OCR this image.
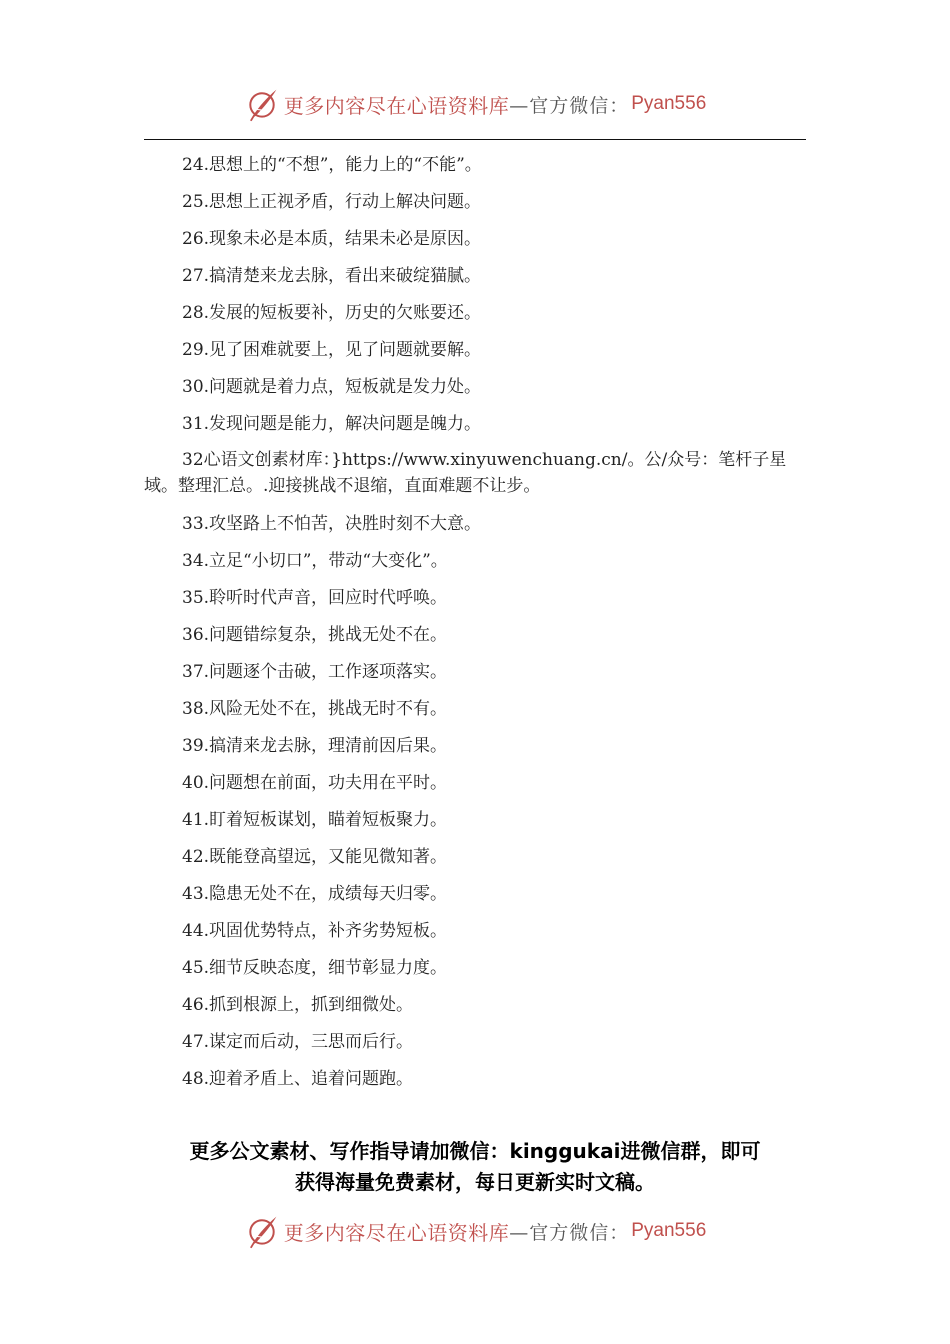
更多内容尽在心语资料库 —官方微信： Pyan556
24.思想上的“不想”，能力上的“不能”。
25.思想上正视矛盾，行动上解决问题。
26.现象未必是本质，结果未必是原因。
27.搞清楚来龙去脉，看出来破绽猫腻。
28.发展的短板要补，历史的欠账要还。
29.见了困难就要上，见了问题就要解。
30.问题就是着力点，短板就是发力处。
31.发现问题是能力，解决问题是魄力。
32心语文创素材库：}https://www.xinyuwenchuang.cn/。公/众号：笔杆子星域。整理汇总。.迎接挑战不退缩，直面难题不让步。
33.攻坚路上不怕苦，决胜时刻不大意。
34.立足“小切口”，带动“大变化”。
35.聆听时代声音，回应时代呼唤。
36.问题错综复杂，挑战无处不在。
37.问题逐个击破，工作逐项落实。
38.风险无处不在，挑战无时不有。
39.搞清来龙去脉，理清前因后果。
40.问题想在前面，功夫用在平时。
41.盯着短板谋划，瞄着短板聚力。
42.既能登高望远，又能见微知著。
43.隐患无处不在，成绩每天归零。
44.巩固优势特点，补齐劣势短板。
45.细节反映态度，细节彰显力度。
46.抓到根源上，抓到细微处。
47.谋定而后动，三思而后行。
48.迎着矛盾上、追着问题跑。
更多公文素材、写作指导请加微信：kinggukai进微信群，即可
获得海量免费素材，每日更新实时文稿。
更多内容尽在心语资料库 —官方微信： Pyan556
